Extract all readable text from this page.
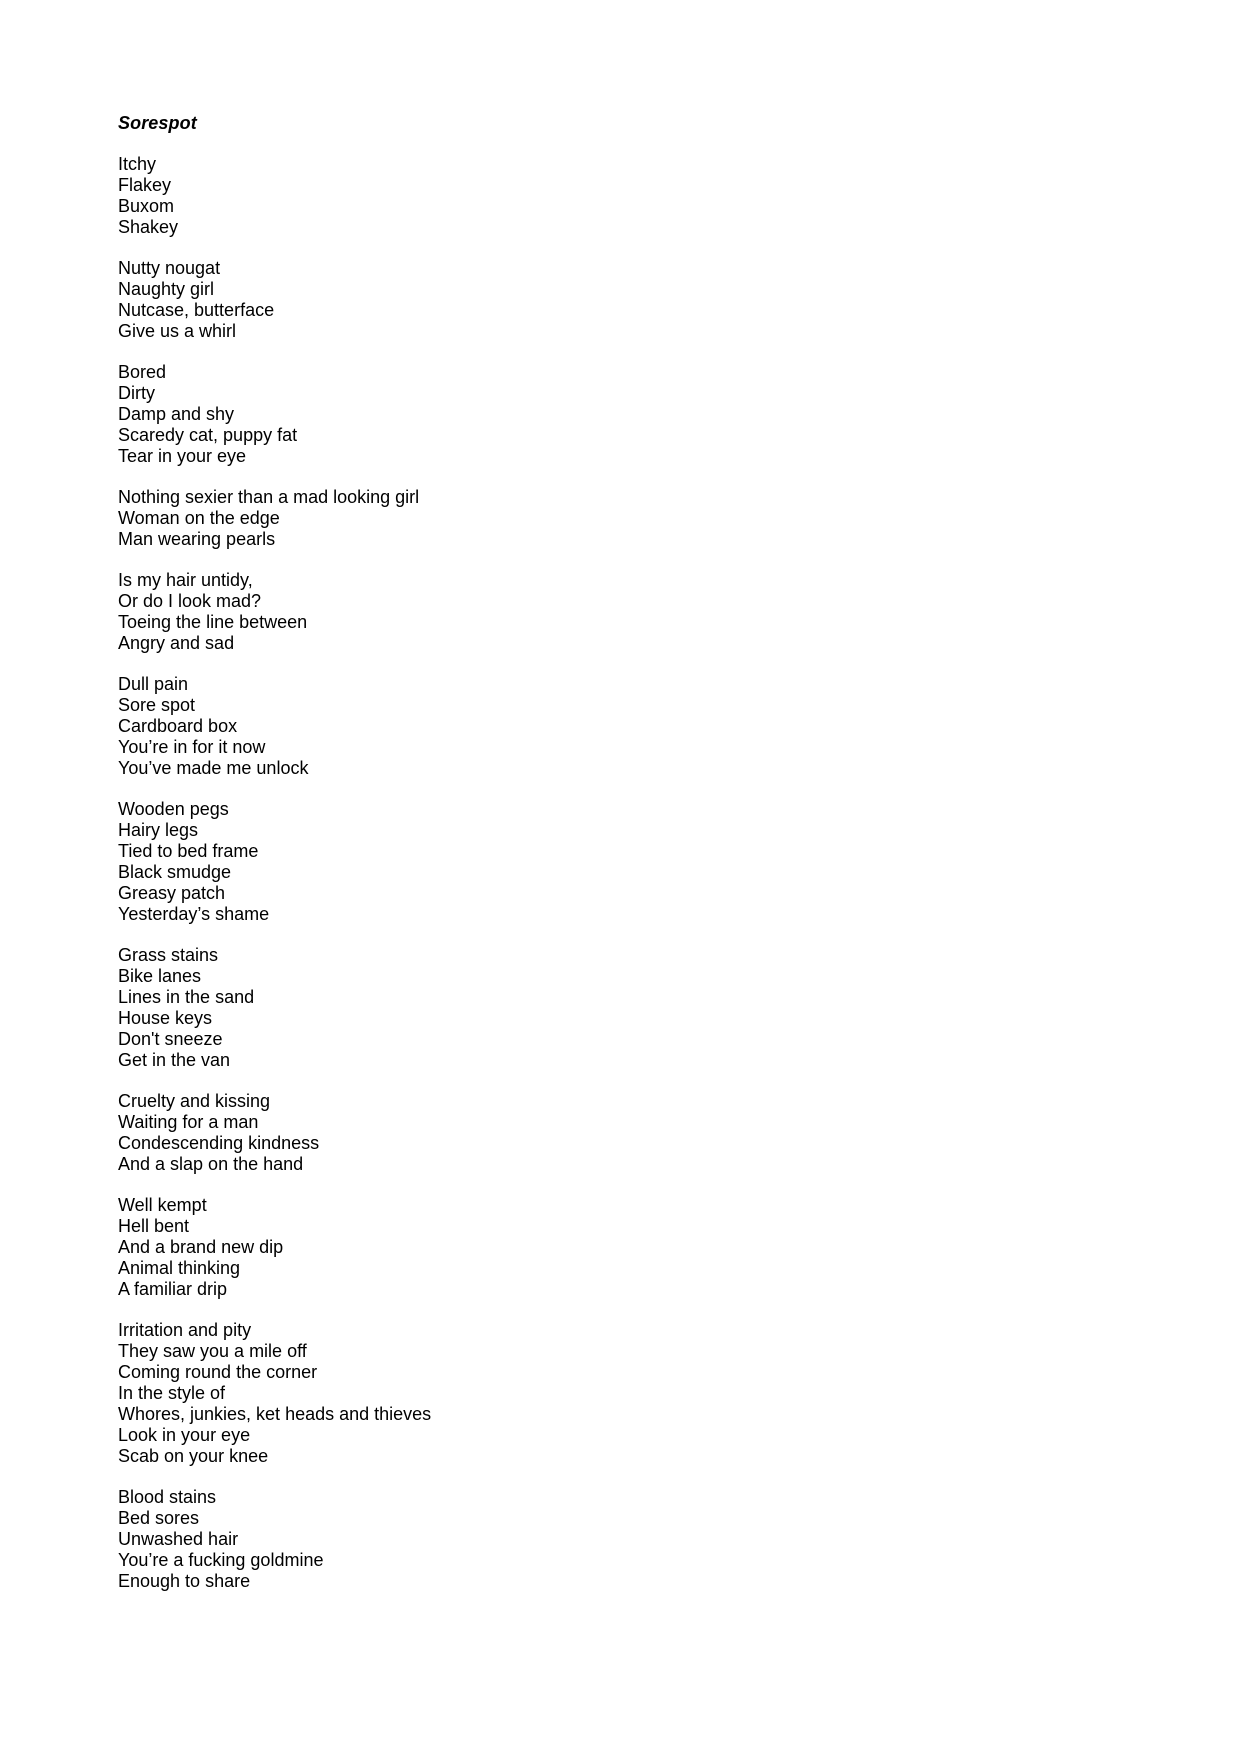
Sorespot
Itchy
Flakey
Buxom
Shakey
Nutty nougat
Naughty girl
Nutcase, butterface
Give us a whirl
Bored
Dirty
Damp and shy
Scaredy cat, puppy fat
Tear in your eye
Nothing sexier than a mad looking girl
Woman on the edge
Man wearing pearls
Is my hair untidy,
Or do I look mad?
Toeing the line between
Angry and sad
Dull pain
Sore spot
Cardboard box
You’re in for it now
You’ve made me unlock
Wooden pegs
Hairy legs
Tied to bed frame
Black smudge
Greasy patch
Yesterday’s shame
Grass stains
Bike lanes
Lines in the sand
House keys
Don't sneeze
Get in the van
Cruelty and kissing
Waiting for a man
Condescending kindness
And a slap on the hand
Well kempt
Hell bent
And a brand new dip
Animal thinking
A familiar drip
Irritation and pity
They saw you a mile off
Coming round the corner
In the style of
Whores, junkies, ket heads and thieves
Look in your eye
Scab on your knee
Blood stains
Bed sores
Unwashed hair
You’re a fucking goldmine
Enough to share
